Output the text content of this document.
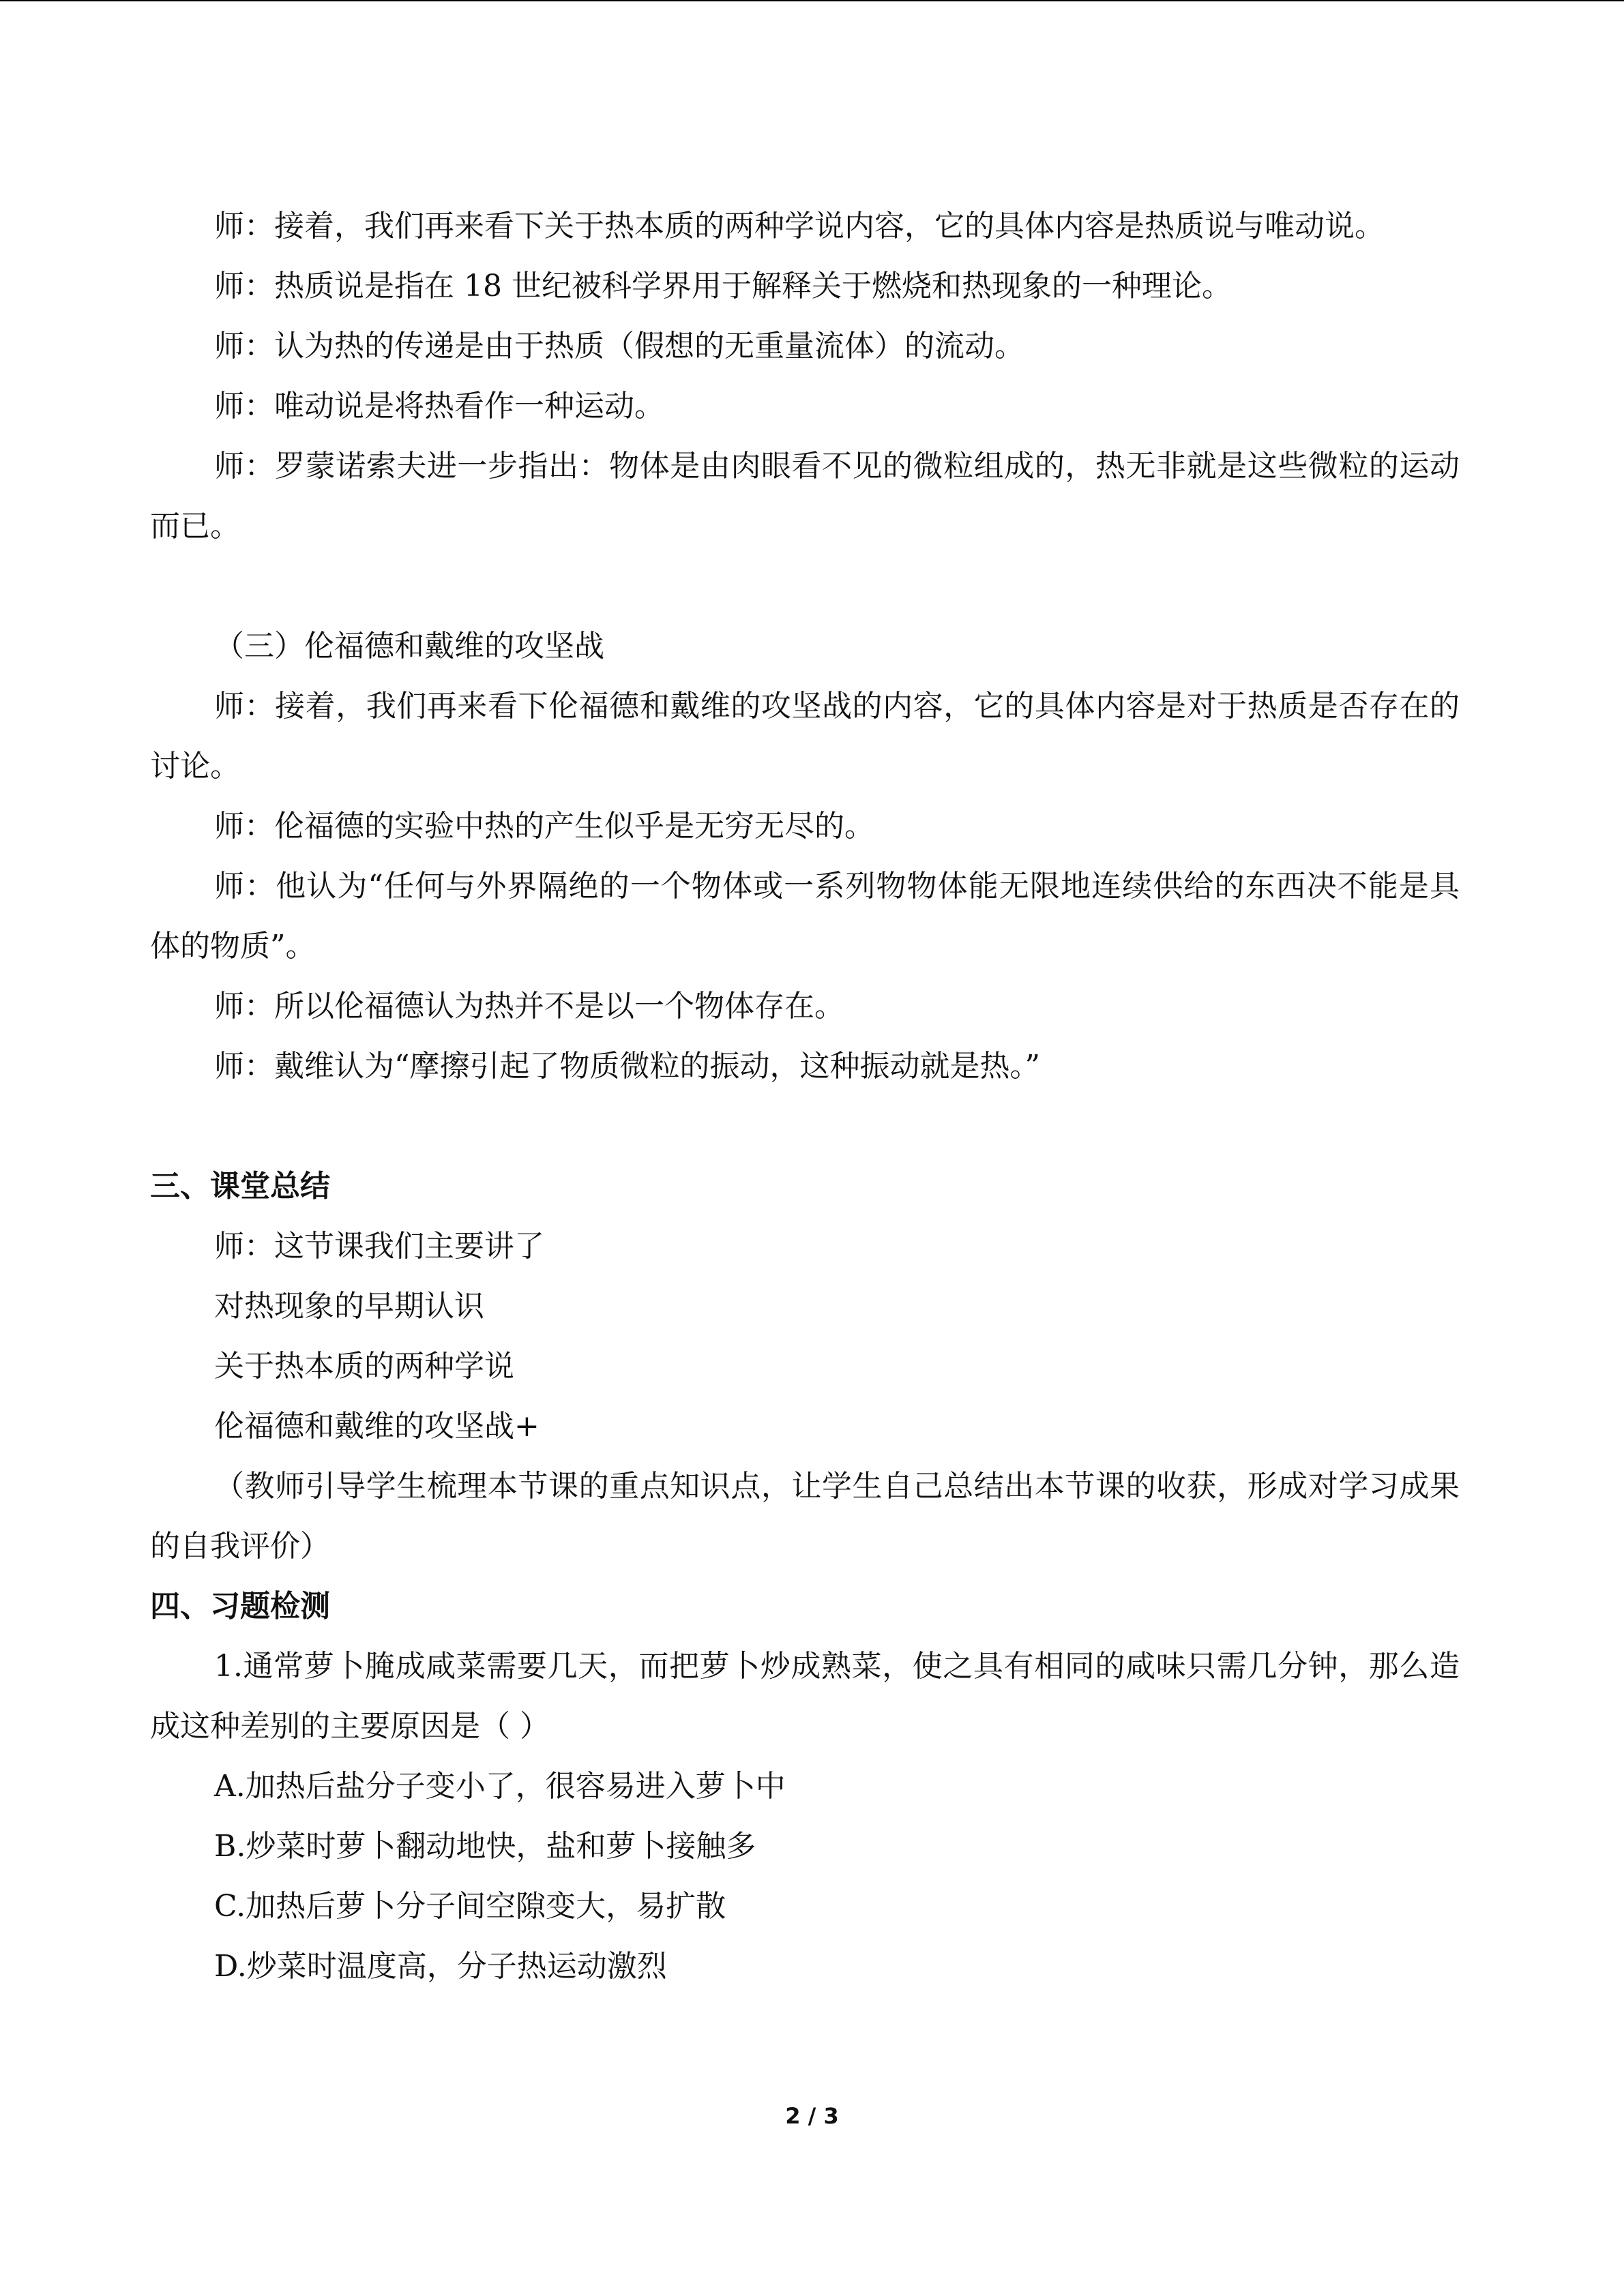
师：接着，我们再来看下关于热本质的两种学说内容，它的具体内容是热质说与唯动说。

师：热质说是指在 18 世纪被科学界用于解释关于燃烧和热现象的一种理论。

师：认为热的传递是由于热质（假想的无重量流体）的流动。

师：唯动说是将热看作一种运动。

师：罗蒙诺索夫进一步指出：物体是由肉眼看不见的微粒组成的，热无非就是这些微粒的运动而已。

（三）伦福德和戴维的攻坚战

师：接着，我们再来看下伦福德和戴维的攻坚战的内容，它的具体内容是对于热质是否存在的讨论。

师：伦福德的实验中热的产生似乎是无穷无尽的。

师：他认为“任何与外界隔绝的一个物体或一系列物物体能无限地连续供给的东西决不能是具体的物质”。

师：所以伦福德认为热并不是以一个物体存在。

师：戴维认为“摩擦引起了物质微粒的振动，这种振动就是热。”

三、课堂总结

师：这节课我们主要讲了

对热现象的早期认识

关于热本质的两种学说

伦福德和戴维的攻坚战+

（教师引导学生梳理本节课的重点知识点，让学生自己总结出本节课的收获，形成对学习成果的自我评价）

四、习题检测

1.通常萝卜腌成咸菜需要几天，而把萝卜炒成熟菜，使之具有相同的咸味只需几分钟，那么造成这种差别的主要原因是（ ）

A.加热后盐分子变小了，很容易进入萝卜中

B.炒菜时萝卜翻动地快，盐和萝卜接触多

C.加热后萝卜分子间空隙变大，易扩散

D.炒菜时温度高，分子热运动激烈

2 / 3
